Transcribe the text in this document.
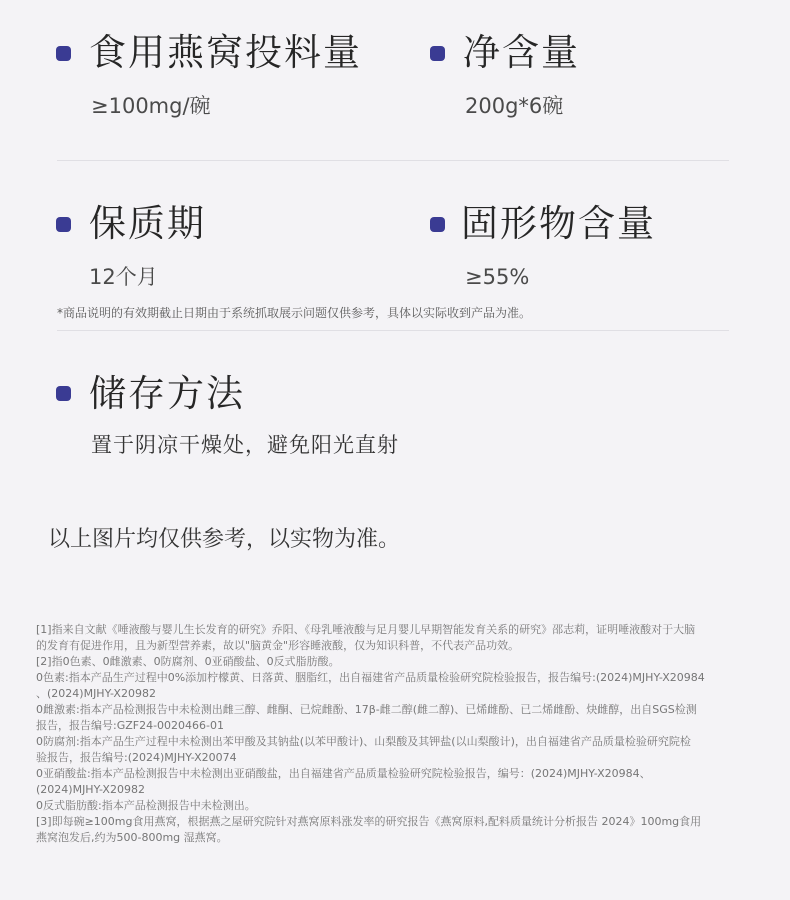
食用燕窝投料量
≥100mg/碗
净含量
200g*6碗
保质期
12个月
固形物含量
≥55%
*商品说明的有效期截止日期由于系统抓取展示问题仅供参考，具体以实际收到产品为准。
储存方法
置于阴凉干燥处，避免阳光直射
以上图片均仅供参考，以实物为准。

[1]指来自文献《唾液酸与婴儿生长发育的研究》乔阳、《母乳唾液酸与足月婴儿早期智能发育关系的研究》邵志莉，证明唾液酸对于大脑

的发育有促进作用，且为新型营养素，故以"脑黄金"形容睡液酸，仅为知识科普，不代表产品功效。

[2]指0色素、0雌激素、0防腐剂、0亚硝酸盐、0反式脂肪酸。

0色素:指本产品生产过程中0%添加柠檬黄、日落黄、胭脂红，出自福建省产品质量检验研究院检验报告，报告编号:(2024)MJHY-X20984

、(2024)MJHY-X20982

0雌激素:指本产品检测报告中未检测出雌三醇、雌酮、已烷雌酚、17β-雌二醇(雌二醇)、已烯雌酚、已二烯雌酚、炔雌醇，出自SGS检测

报告，报告编号:GZF24-0020466-01

0防腐剂:指本产品生产过程中未检测出苯甲酸及其钠盐(以苯甲酸计)、山梨酸及其钾盐(以山梨酸计)，出自福建省产品质量检验研究院检

验报告，报告编号:(2024)MJHY-X20074

0亚硝酸盐:指本产品检测报告中未检测出亚硝酸盐，出自福建省产品质量检验研究院检验报告，编号：(2024)MJHY-X20984、

(2024)MJHY-X20982

0反式脂肪酸:指本产品检测报告中未检测出。

[3]即每碗≥100mg食用燕窝，根据燕之屋研究院针对燕窝原料涨发率的研究报告《燕窝原料,配料质量统计分析报告 2024》100mg食用

燕窝泡发后,约为500-800mg 湿燕窝。
